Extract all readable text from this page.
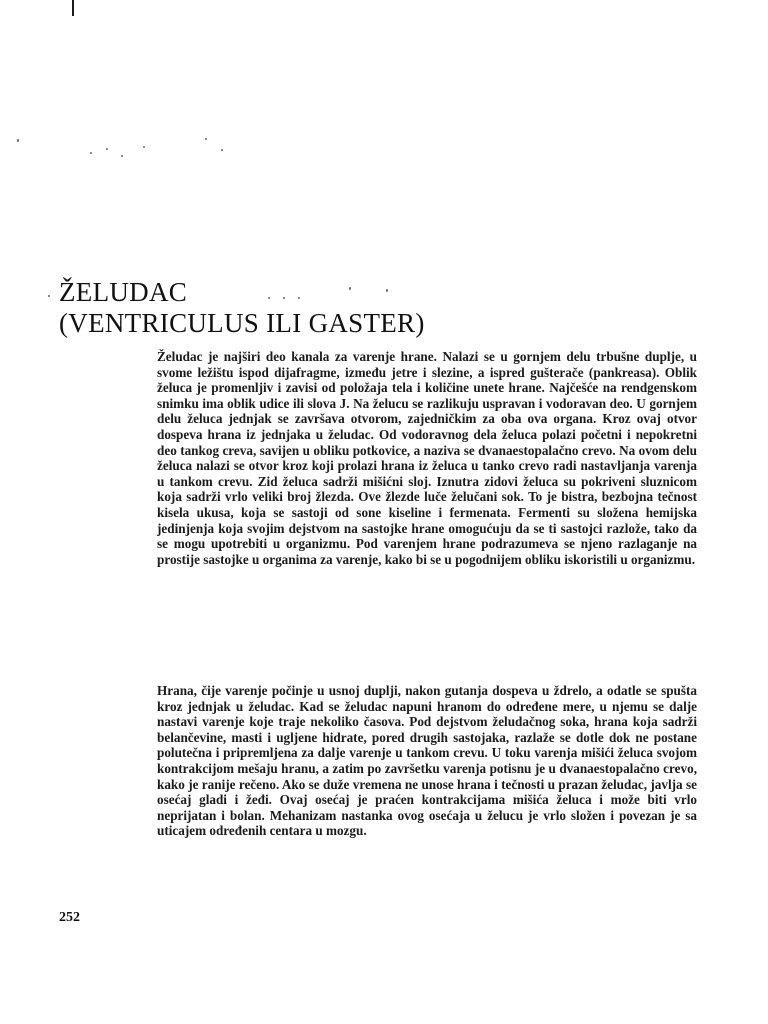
ŽELUDAC
(VENTRICULUS ILI GASTER)

Želudac je najširi deo kanala za varenje hrane. Nalazi se u gornjem delu trbušne duplje, u svome ležištu ispod dijafragme, između jetre i slezine, a ispred gušterače (pankreasa). Oblik želuca je promenljiv i zavisi od položaja tela i količine unete hrane. Najčešće na rendgenskom snimku ima oblik udice ili slova J. Na želucu se razlikuju uspravan i vodoravan deo. U gornjem delu želuca jednjak se završava otvorom, zajedničkim za oba ova organa. Kroz ovaj otvor dospeva hrana iz jednjaka u želudac. Od vodoravnog dela želuca polazi početni i nepokretni deo tankog creva, savijen u obliku potkovice, a naziva se dvanaestopalačno crevo. Na ovom delu želuca nalazi se otvor kroz koji prolazi hrana iz želuca u tanko crevo radi nastavljanja varenja u tankom crevu. Zid želuca sadrži mišićni sloj. Iznutra zidovi želuca su pokriveni sluznicom koja sadrži vrlo veliki broj žlezda. Ove žlezde luče želučani sok. To je bistra, bezbojna tečnost kisela ukusa, koja se sastoji od sone kiseline i fermenata. Fermenti su složena hemijska jedinjenja koja svojim dejstvom na sastojke hrane omogućuju da se ti sastojci razlože, tako da se mogu upotrebiti u organizmu. Pod varenjem hrane podrazumeva se njeno razlaganje na prostije sastojke u organima za varenje, kako bi se u pogodnijem obliku iskoristili u organizmu.

Hrana, čije varenje počinje u usnoj duplji, nakon gutanja dospeva u ždrelo, a odatle se spušta kroz jednjak u želudac. Kad se želudac napuni hranom do određene mere, u njemu se dalje nastavi varenje koje traje nekoliko časova. Pod dejstvom želudačnog soka, hrana koja sadrži belančevine, masti i ugljene hidrate, pored drugih sastojaka, razlaže se dotle dok ne postane polutečna i pripremljena za dalje varenje u tankom crevu. U toku varenja mišići želuca svojom kontrakcijom mešaju hranu, a zatim po završetku varenja potisnu je u dvanaestopalačno crevo, kako je ranije rečeno. Ako se duže vremena ne unose hrana i tečnosti u prazan želudac, javlja se osećaj gladi i žeđi. Ovaj osećaj je praćen kontrakcijama mišića želuca i može biti vrlo neprijatan i bolan. Mehanizam nastanka ovog osećaja u želucu je vrlo složen i povezan je sa uticajem određenih centara u mozgu.

252
